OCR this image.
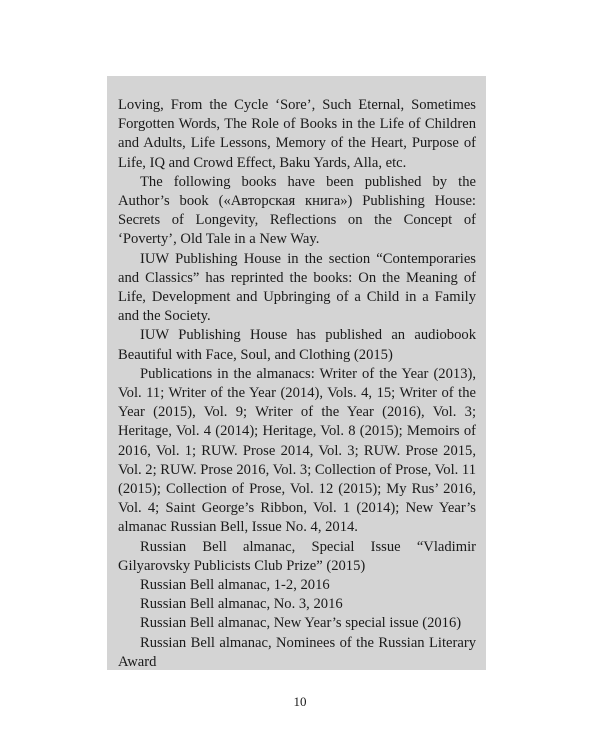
Loving, From the Cycle ‘Sore’, Such Eternal, Sometimes Forgotten Words, The Role of Books in the Life of Children and Adults, Life Lessons, Memory of the Heart, Purpose of Life, IQ and Crowd Effect, Baku Yards, Alla, etc.

The following books have been published by the Author’s book («Авторская книга») Publishing House: Secrets of Longevity, Reflections on the Concept of ‘Poverty’, Old Tale in a New Way.

IUW Publishing House in the section “Contemporaries and Classics” has reprinted the books: On the Meaning of Life, Development and Upbringing of a Child in a Family and the Society.

IUW Publishing House has published an audiobook Beautiful with Face, Soul, and Clothing (2015)

Publications in the almanacs: Writer of the Year (2013), Vol. 11; Writer of the Year (2014), Vols. 4, 15; Writer of the Year (2015), Vol. 9; Writer of the Year (2016), Vol. 3; Heritage, Vol. 4 (2014); Heritage, Vol. 8 (2015); Memoirs of 2016, Vol. 1; RUW. Prose 2014, Vol. 3; RUW. Prose 2015, Vol. 2; RUW. Prose 2016, Vol. 3; Collection of Prose, Vol. 11 (2015); Collection of Prose, Vol. 12 (2015); My Rus’ 2016, Vol. 4; Saint George’s Ribbon, Vol. 1 (2014); New Year’s almanac Russian Bell, Issue No. 4, 2014.

Russian Bell almanac, Special Issue “Vladimir Gilyarovsky Publicists Club Prize” (2015)

Russian Bell almanac, 1-2, 2016

Russian Bell almanac, No. 3, 2016

Russian Bell almanac, New Year’s special issue (2016)

Russian Bell almanac, Nominees of the Russian Literary Award

10
